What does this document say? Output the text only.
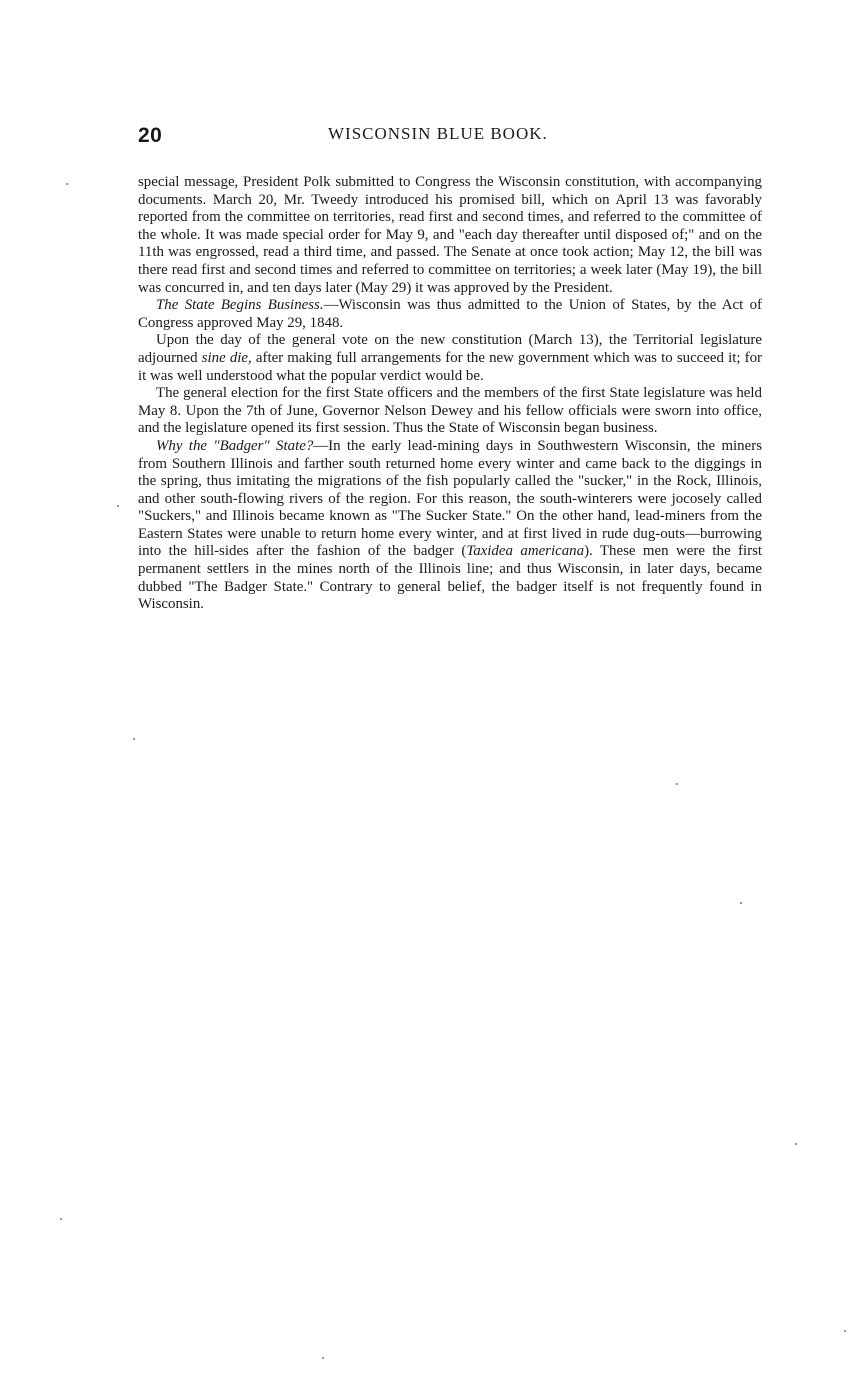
20	WISCONSIN BLUE BOOK.

special message, President Polk submitted to Congress the Wisconsin constitution, with accompanying documents. March 20, Mr. Tweedy introduced his promised bill, which on April 13 was favorably reported from the committee on territories, read first and second times, and referred to the committee of the whole. It was made special order for May 9, and "each day thereafter until disposed of;" and on the 11th was engrossed, read a third time, and passed. The Senate at once took action; May 12, the bill was there read first and second times and referred to committee on territories; a week later (May 19), the bill was concurred in, and ten days later (May 29) it was approved by the President.

The State Begins Business.—Wisconsin was thus admitted to the Union of States, by the Act of Congress approved May 29, 1848.

Upon the day of the general vote on the new constitution (March 13), the Territorial legislature adjourned sine die, after making full arrangements for the new government which was to succeed it; for it was well understood what the popular verdict would be.

The general election for the first State officers and the members of the first State legislature was held May 8. Upon the 7th of June, Governor Nelson Dewey and his fellow officials were sworn into office, and the legislature opened its first session. Thus the State of Wisconsin began business.

Why the "Badger" State?—In the early lead-mining days in Southwestern Wisconsin, the miners from Southern Illinois and farther south returned home every winter and came back to the diggings in the spring, thus imitating the migrations of the fish popularly called the "sucker," in the Rock, Illinois, and other south-flowing rivers of the region. For this reason, the south-winterers were jocosely called "Suckers," and Illinois became known as "The Sucker State." On the other hand, lead-miners from the Eastern States were unable to return home every winter, and at first lived in rude dug-outs—burrowing into the hill-sides after the fashion of the badger (Taxidea americana). These men were the first permanent settlers in the mines north of the Illinois line; and thus Wisconsin, in later days, became dubbed "The Badger State." Contrary to general belief, the badger itself is not frequently found in Wisconsin.
